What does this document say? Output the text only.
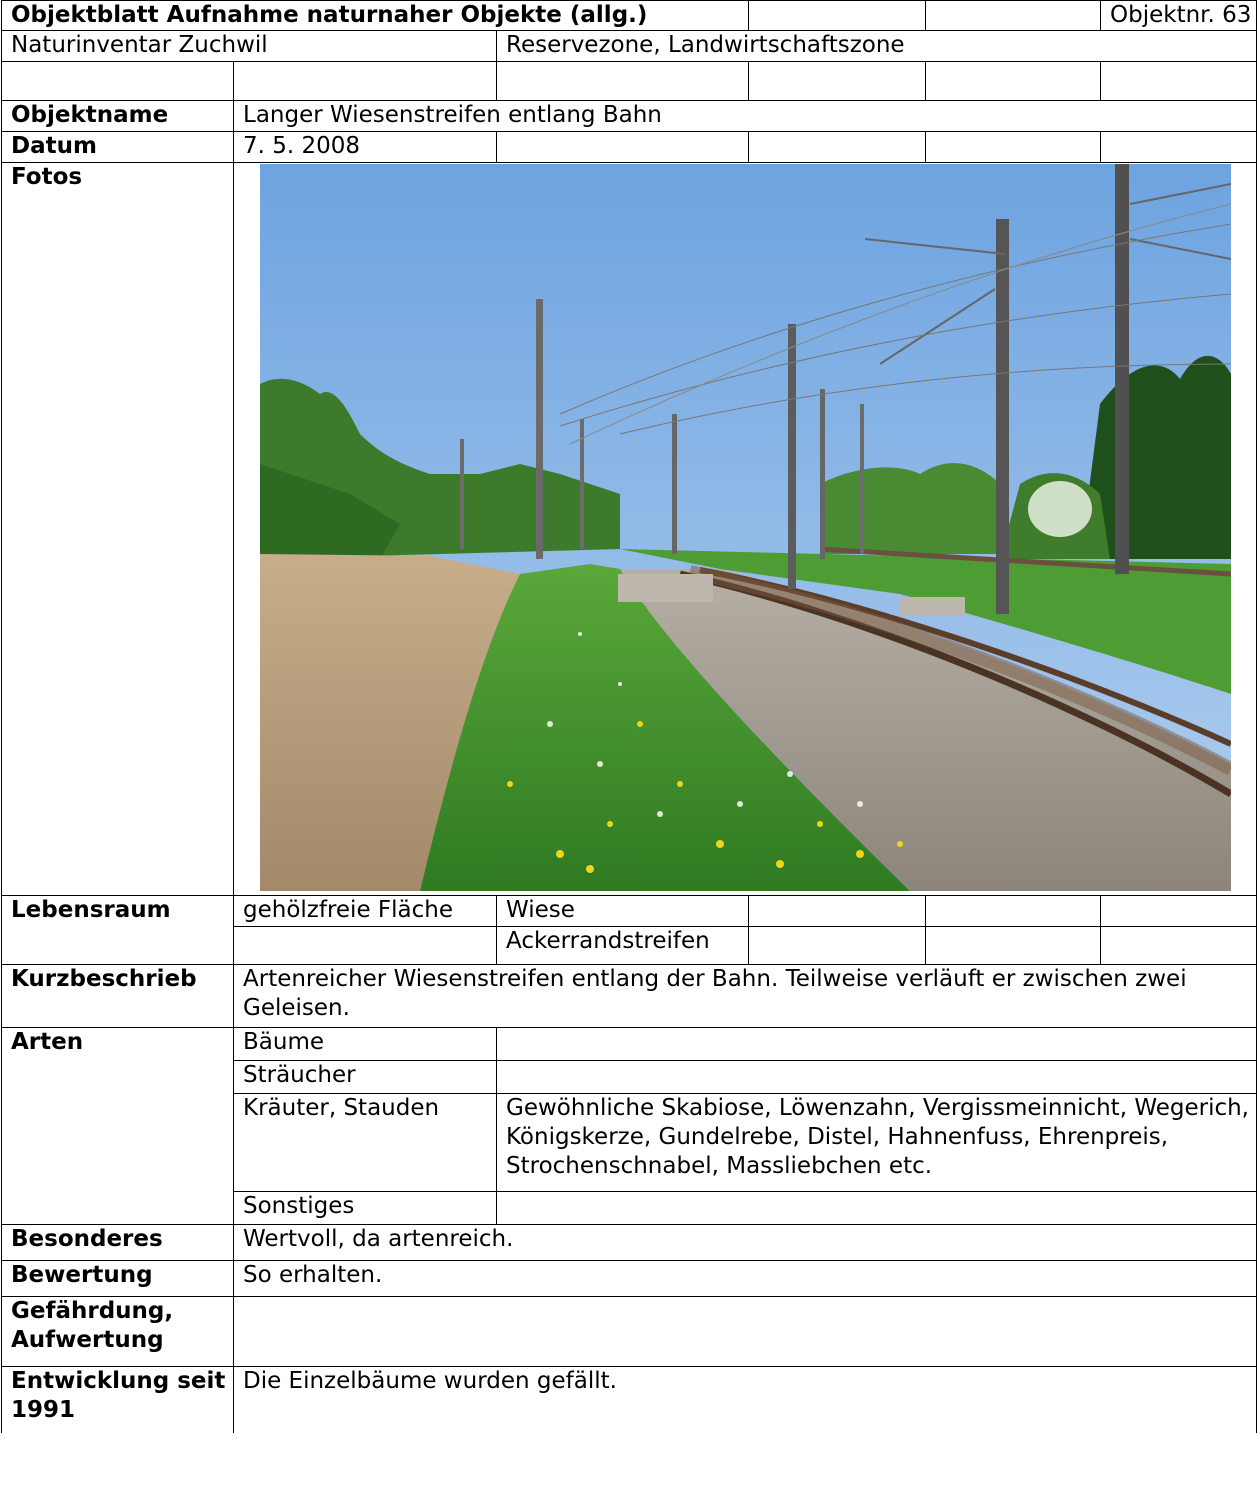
Objektblatt Aufnahme naturnaher Objekte (allg.)					Objektnr. 63
Naturinventar Zuchwil		Reservezone, Landwirtschaftszone			

Objektname	Langer Wiesenstreifen entlang Bahn				
Datum	7. 5. 2008				
Fotos	

Lebensraum	gehölzfreie Fläche	Wiese			
		Ackerrandstreifen			
Kurzbeschrieb	Artenreicher Wiesenstreifen entlang der Bahn. Teilweise verläuft er zwischen zwei Geleisen.				
Arten	Bäume				
	Sträucher				
	Kräuter, Stauden	Gewöhnliche Skabiose, Löwenzahn, Vergissmeinnicht, Wegerich, Königskerze, Gundelrebe, Distel, Hahnenfuss, Ehrenpreis, Strochenschnabel, Massliebchen etc.			
	Sonstiges				
Besonderes	Wertvoll, da artenreich.				
Bewertung	So erhalten.				
Gefährdung, Aufwertung					
Entwicklung seit 1991	Die Einzelbäume wurden gefällt.				
